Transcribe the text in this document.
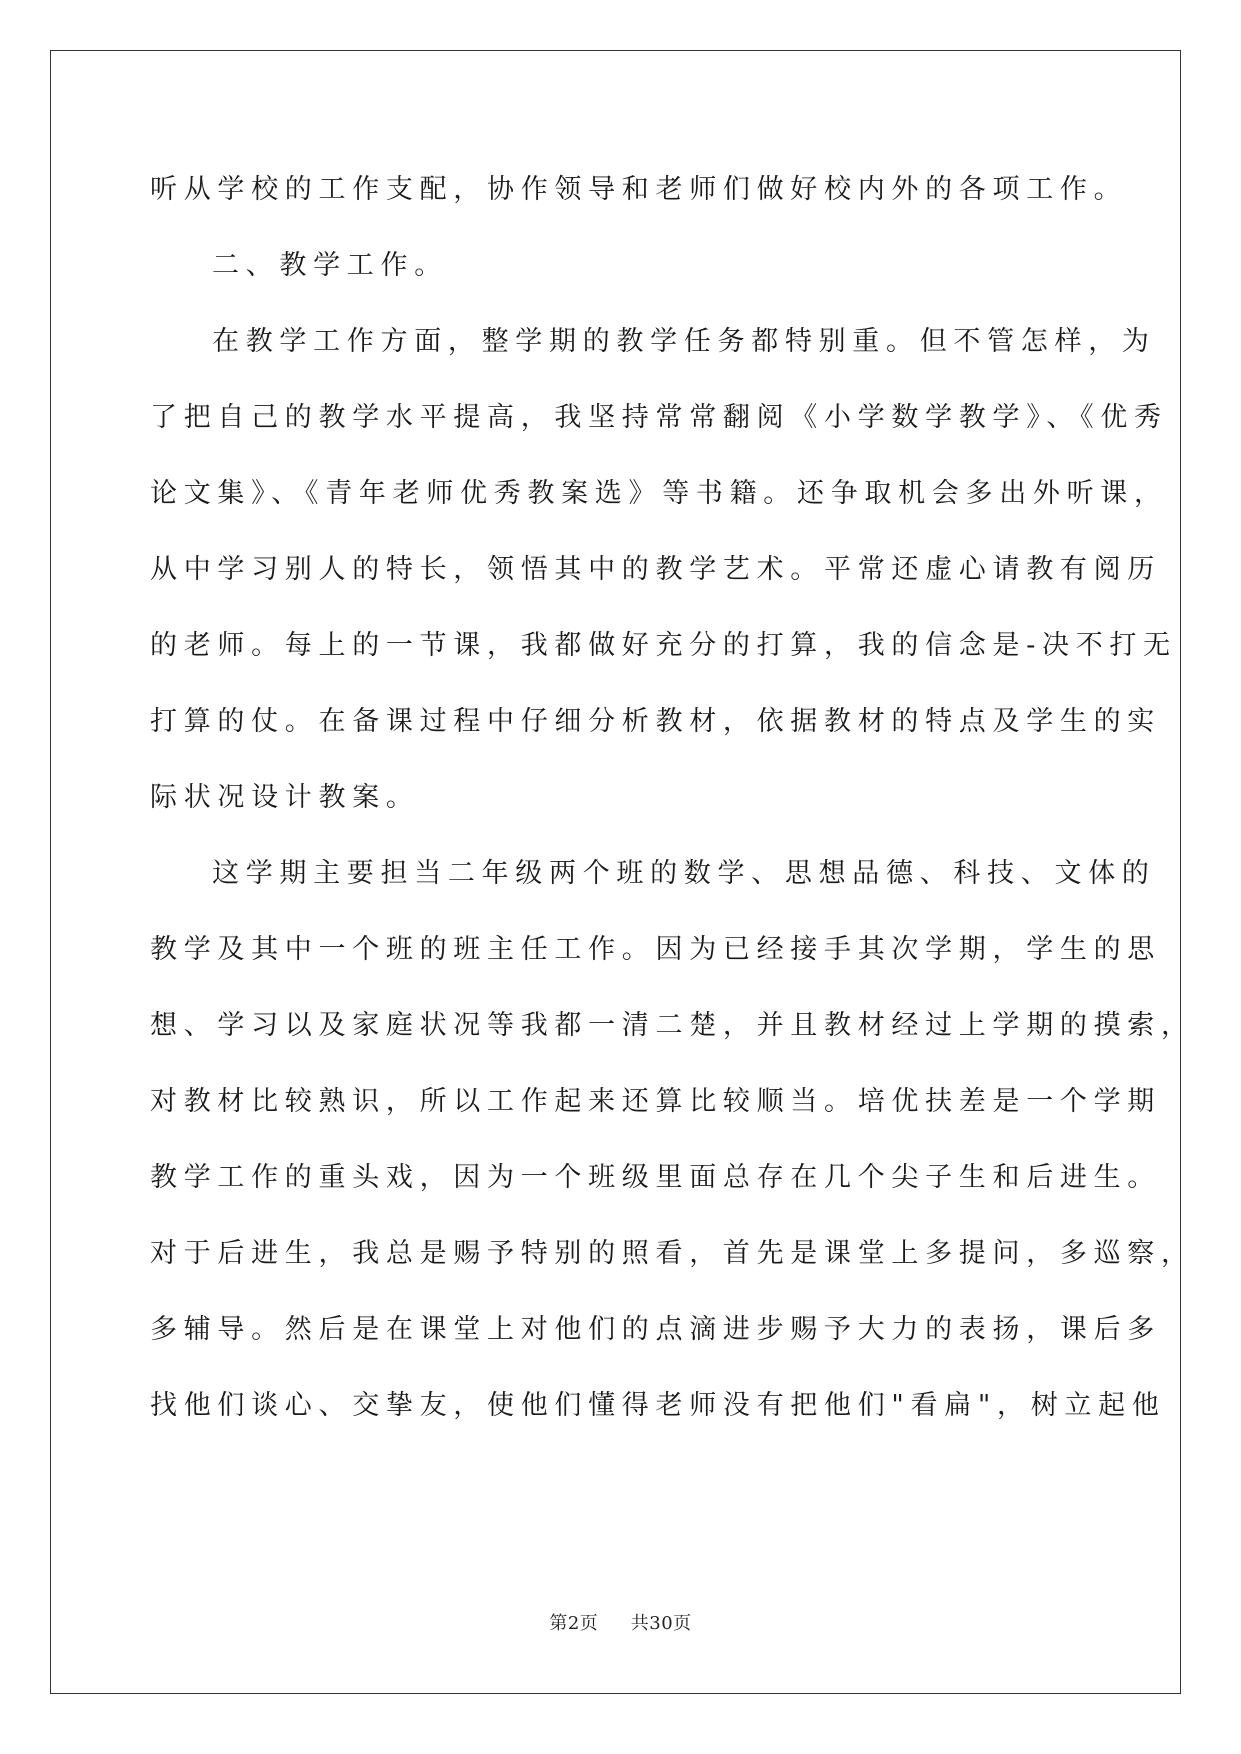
听从学校的工作支配，协作领导和老师们做好校内外的各项工作。
二、教学工作。
在教学工作方面，整学期的教学任务都特别重。但不管怎样，为
了把自己的教学水平提高，我坚持常常翻阅《小学数学教学》、《优秀
论文集》、《青年老师优秀教案选》等书籍。还争取机会多出外听课，
从中学习别人的特长，领悟其中的教学艺术。平常还虚心请教有阅历
的老师。每上的一节课，我都做好充分的打算，我的信念是-决不打无
打算的仗。在备课过程中仔细分析教材，依据教材的特点及学生的实
际状况设计教案。
这学期主要担当二年级两个班的数学、思想品德、科技、文体的
教学及其中一个班的班主任工作。因为已经接手其次学期，学生的思
想、学习以及家庭状况等我都一清二楚，并且教材经过上学期的摸索，
对教材比较熟识，所以工作起来还算比较顺当。培优扶差是一个学期
教学工作的重头戏，因为一个班级里面总存在几个尖子生和后进生。
对于后进生，我总是赐予特别的照看，首先是课堂上多提问，多巡察，
多辅导。然后是在课堂上对他们的点滴进步赐予大力的表扬，课后多
找他们谈心、交挚友，使他们懂得老师没有把他们"看扁"，树立起他
第2页 共30页
